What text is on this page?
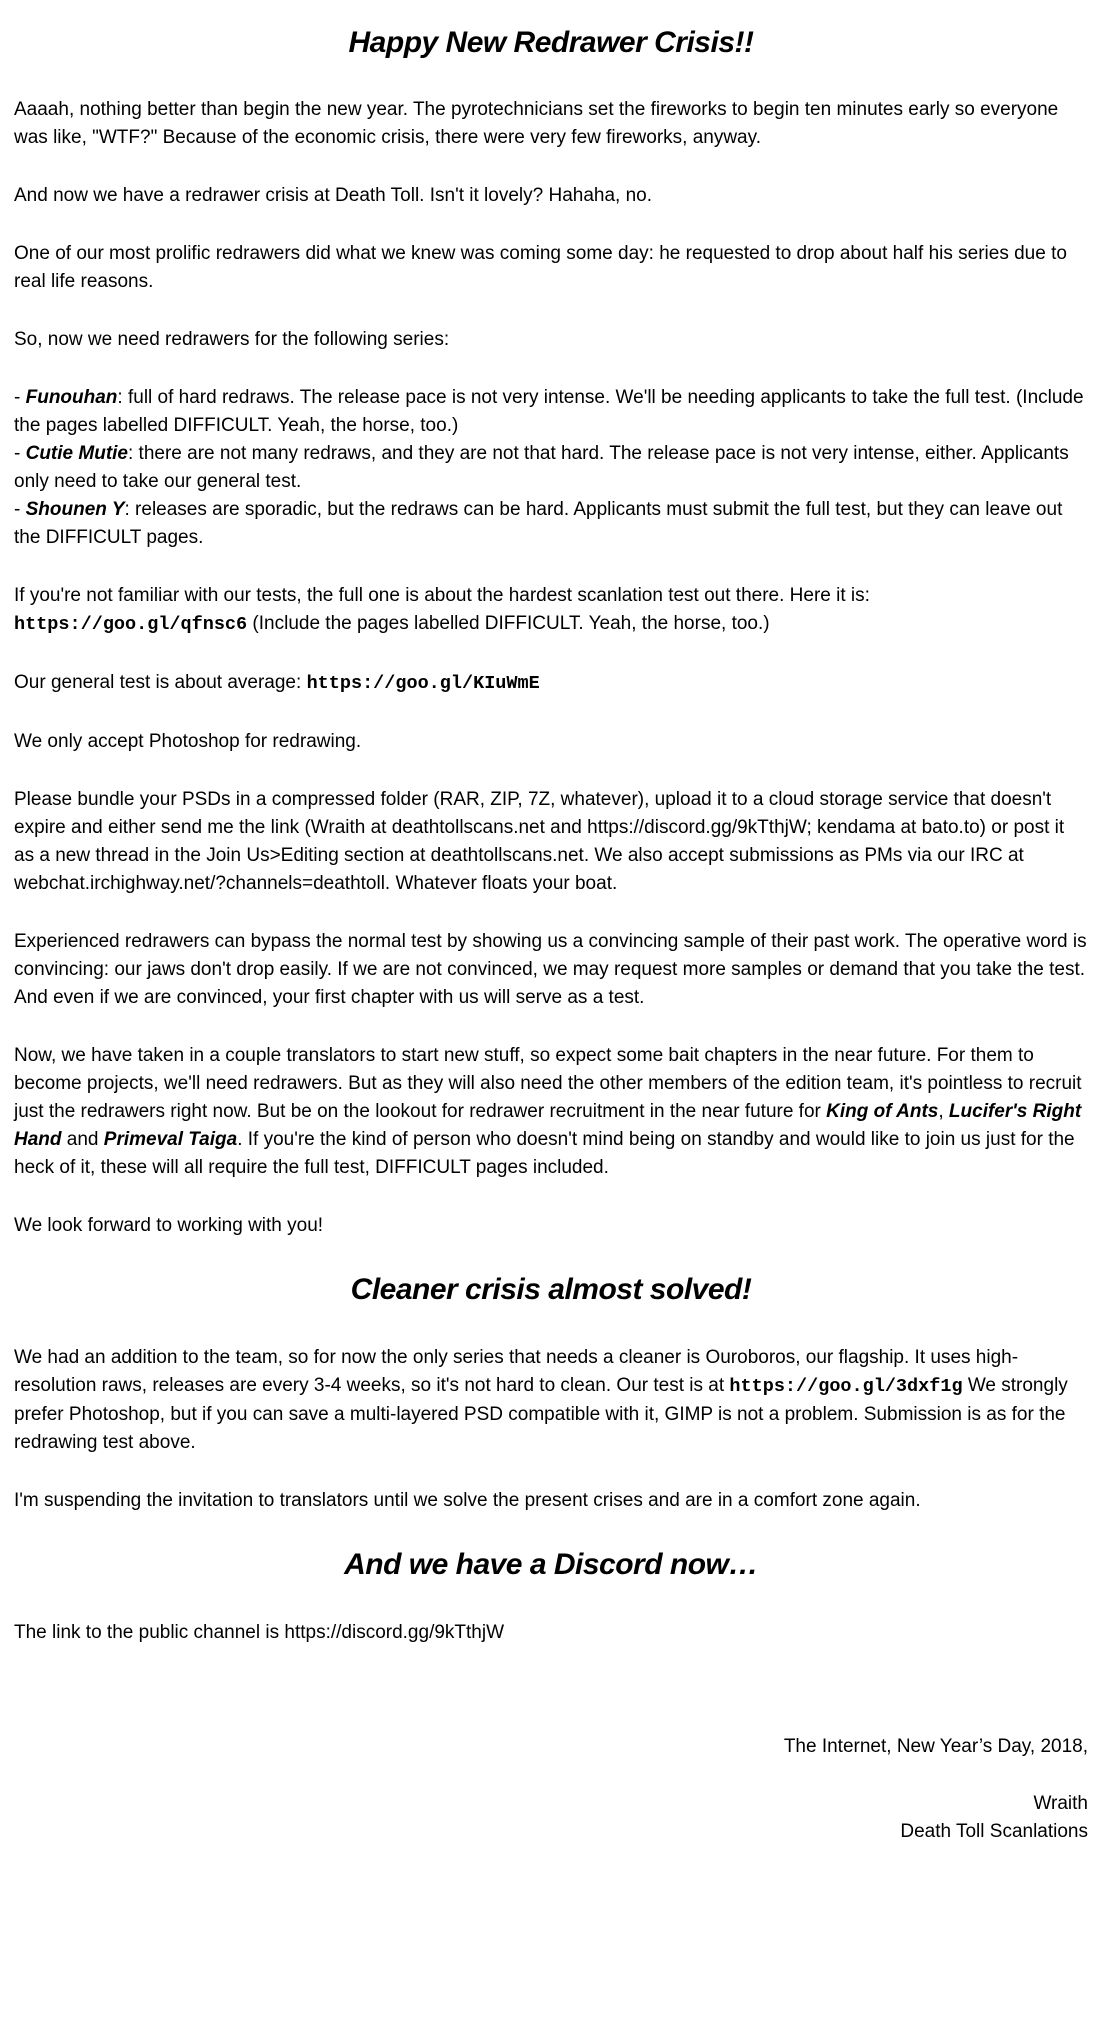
Happy New Redrawer Crisis!!

Aaaah, nothing better than begin the new year. The pyrotechnicians set the fireworks to begin ten minutes early so everyone was like, "WTF?" Because of the economic crisis, there were very few fireworks, anyway.

And now we have a redrawer crisis at Death Toll. Isn't it lovely? Hahaha, no.

One of our most prolific redrawers did what we knew was coming some day: he requested to drop about half his series due to real life reasons.

So, now we need redrawers for the following series:

- Funouhan: full of hard redraws. The release pace is not very intense. We'll be needing applicants to take the full test. (Include the pages labelled DIFFICULT. Yeah, the horse, too.)
- Cutie Mutie: there are not many redraws, and they are not that hard. The release pace is not very intense, either. Applicants only need to take our general test.
- Shounen Y: releases are sporadic, but the redraws can be hard. Applicants must submit the full test, but they can leave out the DIFFICULT pages.

If you're not familiar with our tests, the full one is about the hardest scanlation test out there. Here it is: https://goo.gl/qfnsc6 (Include the pages labelled DIFFICULT. Yeah, the horse, too.)

Our general test is about average: https://goo.gl/KIuWmE

We only accept Photoshop for redrawing.

Please bundle your PSDs in a compressed folder (RAR, ZIP, 7Z, whatever), upload it to a cloud storage service that doesn't expire and either send me the link (Wraith at deathtollscans.net and https://discord.gg/9kTthjW; kendama at bato.to) or post it as a new thread in the Join Us>Editing section at deathtollscans.net. We also accept submissions as PMs via our IRC at webchat.irchighway.net/?channels=deathtoll. Whatever floats your boat.

Experienced redrawers can bypass the normal test by showing us a convincing sample of their past work. The operative word is convincing: our jaws don't drop easily. If we are not convinced, we may request more samples or demand that you take the test. And even if we are convinced, your first chapter with us will serve as a test.

Now, we have taken in a couple translators to start new stuff, so expect some bait chapters in the near future. For them to become projects, we'll need redrawers. But as they will also need the other members of the edition team, it's pointless to recruit just the redrawers right now. But be on the lookout for redrawer recruitment in the near future for King of Ants, Lucifer's Right Hand and Primeval Taiga. If you're the kind of person who doesn't mind being on standby and would like to join us just for the heck of it, these will all require the full test, DIFFICULT pages included.

We look forward to working with you!

Cleaner crisis almost solved!

We had an addition to the team, so for now the only series that needs a cleaner is Ouroboros, our flagship. It uses high-resolution raws, releases are every 3-4 weeks, so it's not hard to clean. Our test is at https://goo.gl/3dxf1g We strongly prefer Photoshop, but if you can save a multi-layered PSD compatible with it, GIMP is not a problem. Submission is as for the redrawing test above.

I'm suspending the invitation to translators until we solve the present crises and are in a comfort zone again.

And we have a Discord now…

The link to the public channel is https://discord.gg/9kTthjW

The Internet, New Year’s Day, 2018,

Wraith

Death Toll Scanlations
